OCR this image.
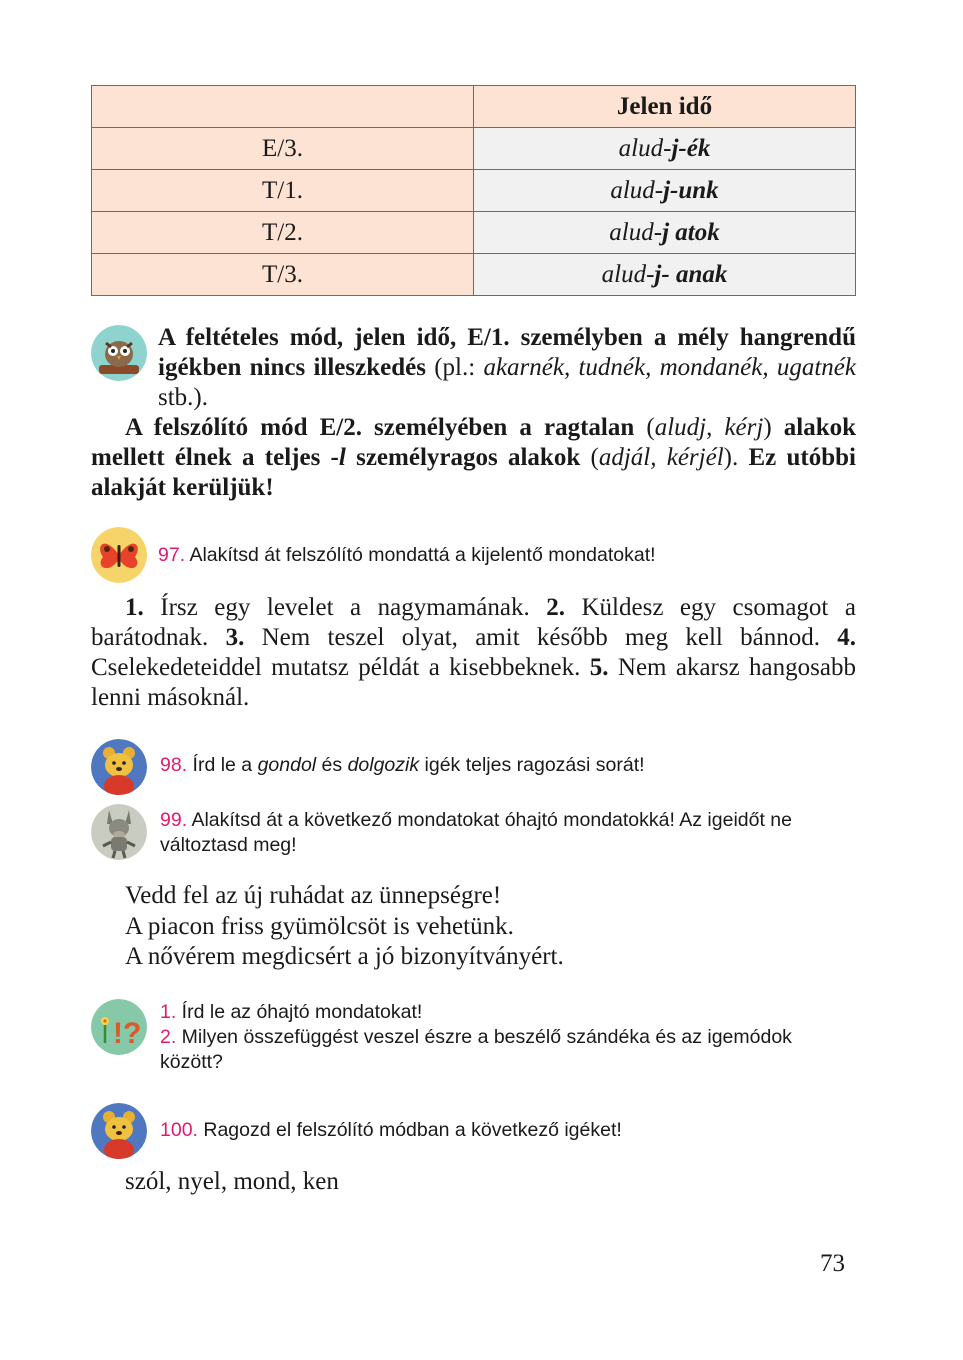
	Jelen idő
E/3.	alud-j-ék
T/1.	alud-j-unk
T/2.	alud-j atok
T/3.	alud-j- anak
A feltételes mód, jelen idő, E/1. személyben a mély hangrendű igékben nincs illeszkedés (pl.: akarnék, tudnék, mondanék, ugatnék stb.).
A felszólító mód E/2. személyében a ragtalan (aludj, kérj) alakok mellett élnek a teljes -l személyragos alakok (adjál, kérjél). Ez utóbbi alakját kerüljük!
97. Alakítsd át felszólító mondattá a kijelentő mondatokat!
1. Írsz egy levelet a nagymamának. 2. Küldesz egy csomagot a barátodnak. 3. Nem teszel olyat, amit később meg kell bánnod. 4. Cselekedeteiddel mutatsz példát a kisebbeknek. 5. Nem akarsz hangosabb lenni másoknál.
98. Írd le a gondol és dolgozik igék teljes ragozási sorát!
99. Alakítsd át a következő mondatokat óhajtó mondatokká! Az igeidőt ne változtasd meg!
Vedd fel az új ruhádat az ünnepségre!
A piacon friss gyümölcsöt is vehetünk.
A nővérem megdicsért a jó bizonyítványért.
!?
1. Írd le az óhajtó mondatokat!
2. Milyen összefüggést veszel észre a beszélő szándéka és az igemódok között?
100. Ragozd el felszólító módban a következő igéket!
szól, nyel, mond, ken
73
